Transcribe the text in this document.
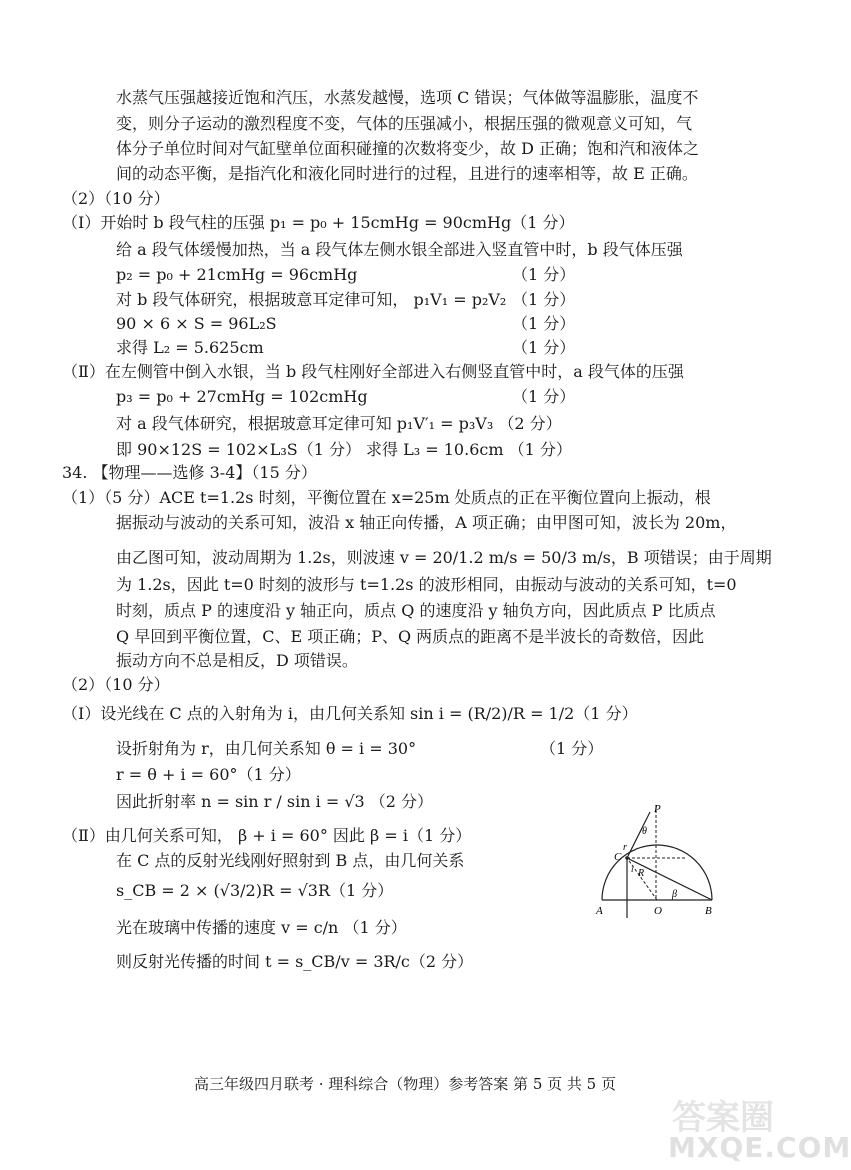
水蒸气压强越接近饱和汽压，水蒸发越慢，选项 C 错误；气体做等温膨胀，温度不
变，则分子运动的激烈程度不变，气体的压强减小，根据压强的微观意义可知，气
体分子单位时间对气缸壁单位面积碰撞的次数将变少，故 D 正确；饱和汽和液体之
间的动态平衡，是指汽化和液化同时进行的过程，且进行的速率相等，故 E 正确。
（2）（10 分）
（Ⅰ）开始时 b 段气柱的压强 p₁ = p₀ + 15cmHg = 90cmHg（1 分）
给 a 段气体缓慢加热，当 a 段气体左侧水银全部进入竖直管中时，b 段气体压强
p₂ = p₀ + 21cmHg = 96cmHg	（1 分）
对 b 段气体研究，根据玻意耳定律可知， p₁V₁ = p₂V₂ （1 分）
90 × 6 × S = 96L₂S	（1 分）
求得 L₂ = 5.625cm	（1 分）
（Ⅱ）在左侧管中倒入水银，当 b 段气柱刚好全部进入右侧竖直管中时，a 段气体的压强
p₃ = p₀ + 27cmHg = 102cmHg	（1 分）
对 a 段气体研究，根据玻意耳定律可知 p₁V′₁ = p₃V₃ （2 分）
即 90×12S = 102×L₃S（1 分） 求得 L₃ = 10.6cm （1 分）
34. 【物理——选修 3-4】（15 分）
（1）（5 分）ACE t=1.2s 时刻，平衡位置在 x=25m 处质点的正在平衡位置向上振动，根
据振动与波动的关系可知，波沿 x 轴正向传播，A 项正确；由甲图可知，波长为 20m，
由乙图可知，波动周期为 1.2s，则波速 v = 20/1.2 m/s = 50/3 m/s，B 项错误；由于周期
为 1.2s，因此 t=0 时刻的波形与 t=1.2s 的波形相同，由振动与波动的关系可知，t=0
时刻，质点 P 的速度沿 y 轴正向，质点 Q 的速度沿 y 轴负方向，因此质点 P 比质点
Q 早回到平衡位置，C、E 项正确；P、Q 两质点的距离不是半波长的奇数倍，因此
振动方向不总是相反，D 项错误。
（2）（10 分）
（Ⅰ）设光线在 C 点的入射角为 i，由几何关系知 sin i = (R/2)/R = 1/2（1 分）
设折射角为 r，由几何关系知 θ = i = 30°	（1 分）
r = θ + i = 60°（1 分）
因此折射率 n = sin r / sin i = √3 （2 分）
（Ⅱ）由几何关系可知， β + i = 60° 因此 β = i（1 分）
在 C 点的反射光线刚好照射到 B 点，由几何关系
s_CB = 2 × (√3/2)R = √3R（1 分）
光在玻璃中传播的速度 v = c/n （1 分）
则反射光传播的时间 t = s_CB/v = 3R/c（2 分）
P
C
θ
r
i R
β
A	O	B
高三年级四月联考 · 理科综合（物理）参考答案 第 5 页 共 5 页
答案圈
MXQE.COM
